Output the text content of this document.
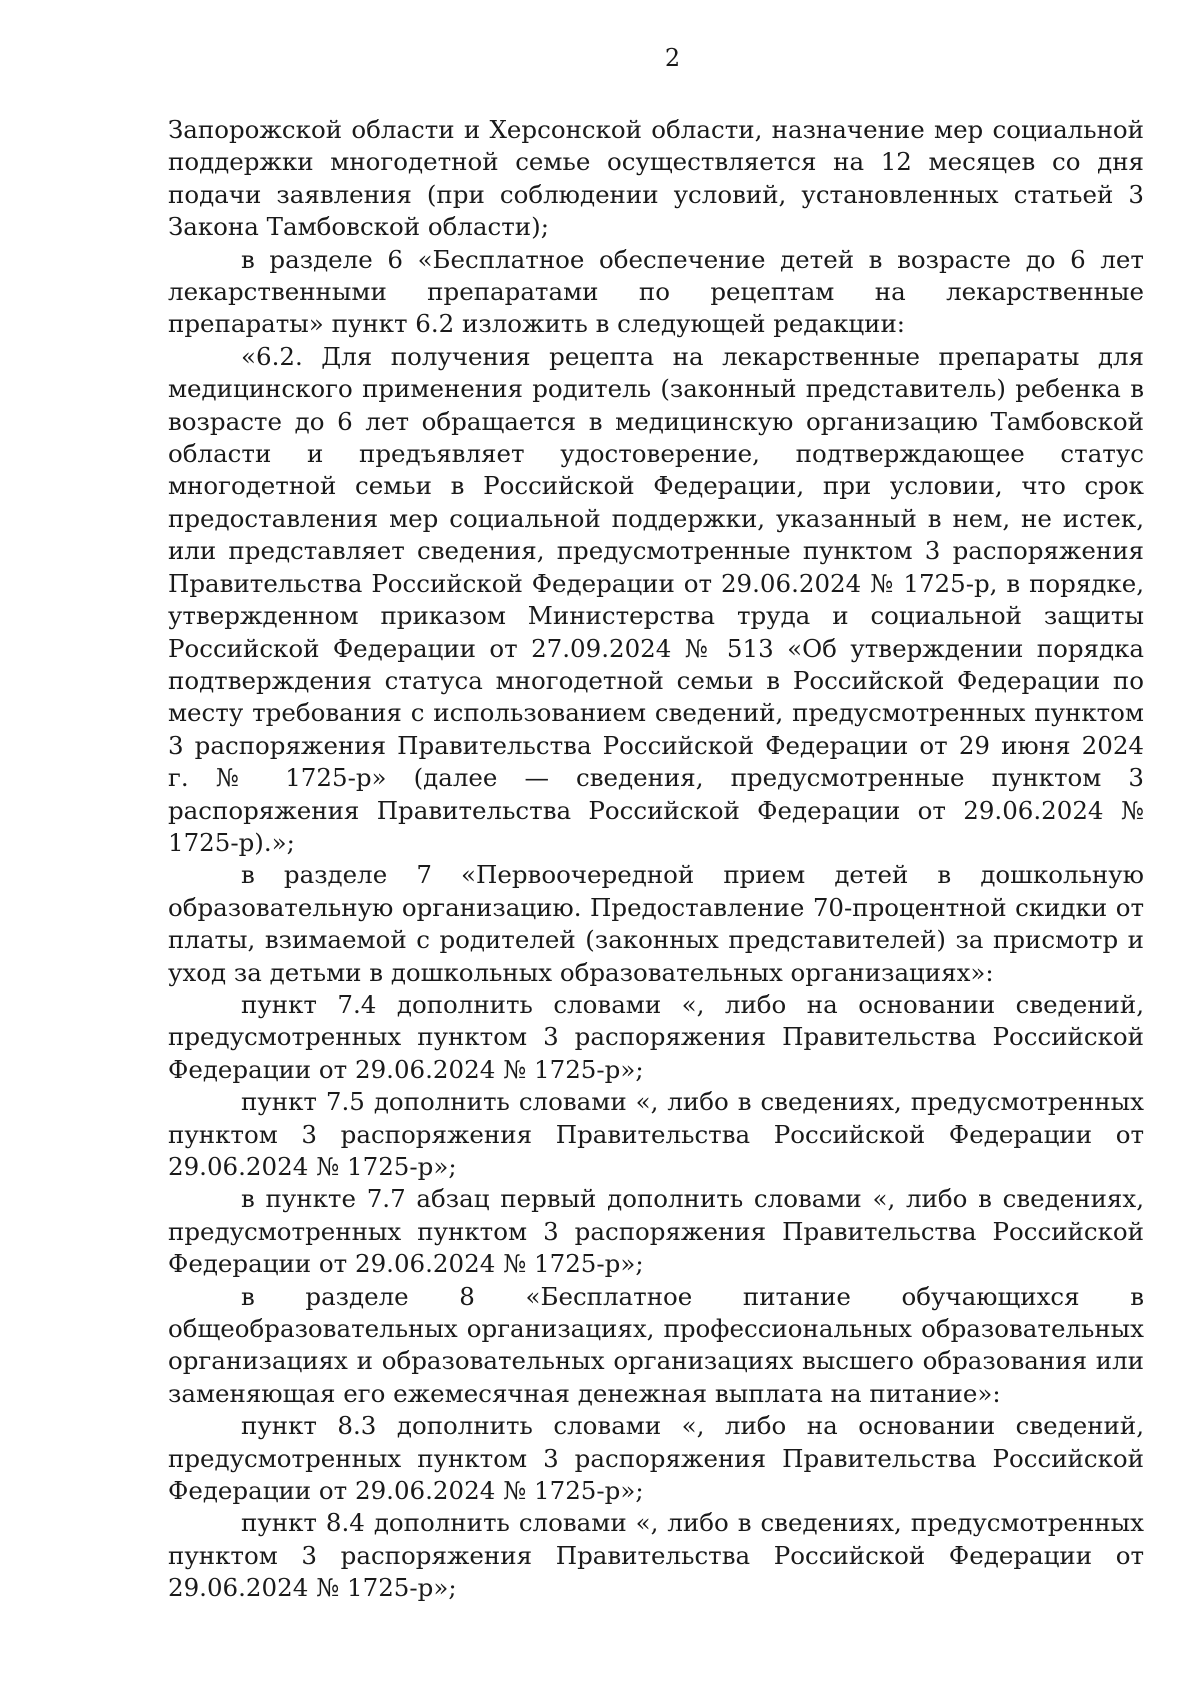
2

Запорожской области и Херсонской области, назначение мер социальной поддержки многодетной семье осуществляется на 12 месяцев со дня подачи заявления (при соблюдении условий, установленных статьей 3 Закона Тамбовской области);

в разделе 6 «Бесплатное обеспечение детей в возрасте до 6 лет лекарственными препаратами по рецептам на лекарственные препараты» пункт 6.2 изложить в следующей редакции:

«6.2. Для получения рецепта на лекарственные препараты для медицинского применения родитель (законный представитель) ребенка в возрасте до 6 лет обращается в медицинскую организацию Тамбовской области и предъявляет удостоверение, подтверждающее статус многодетной семьи в Российской Федерации, при условии, что срок предоставления мер социальной поддержки, указанный в нем, не истек, или представляет сведения, предусмотренные пунктом 3 распоряжения Правительства Российской Федерации от 29.06.2024 № 1725-р, в порядке, утвержденном приказом Министерства труда и социальной защиты Российской Федерации от 27.09.2024 № 513 «Об утверждении порядка подтверждения статуса многодетной семьи в Российской Федерации по месту требования с использованием сведений, предусмотренных пунктом 3 распоряжения Правительства Российской Федерации от 29 июня 2024 г. № 1725-р» (далее — сведения, предусмотренные пунктом 3 распоряжения Правительства Российской Федерации от 29.06.2024 № 1725-р).»;

в разделе 7 «Первоочередной прием детей в дошкольную образовательную организацию. Предоставление 70-процентной скидки от платы, взимаемой с родителей (законных представителей) за присмотр и уход за детьми в дошкольных образовательных организациях»:

пункт 7.4 дополнить словами «, либо на основании сведений, предусмотренных пунктом 3 распоряжения Правительства Российской Федерации от 29.06.2024 № 1725-р»;

пункт 7.5 дополнить словами «, либо в сведениях, предусмотренных пунктом 3 распоряжения Правительства Российской Федерации от 29.06.2024 № 1725-р»;

в пункте 7.7 абзац первый дополнить словами «, либо в сведениях, предусмотренных пунктом 3 распоряжения Правительства Российской Федерации от 29.06.2024 № 1725-р»;

в разделе 8 «Бесплатное питание обучающихся в общеобразовательных организациях, профессиональных образовательных организациях и образовательных организациях высшего образования или заменяющая его ежемесячная денежная выплата на питание»:

пункт 8.3 дополнить словами «, либо на основании сведений, предусмотренных пунктом 3 распоряжения Правительства Российской Федерации от 29.06.2024 № 1725-р»;

пункт 8.4 дополнить словами «, либо в сведениях, предусмотренных пунктом 3 распоряжения Правительства Российской Федерации от 29.06.2024 № 1725-р»;
